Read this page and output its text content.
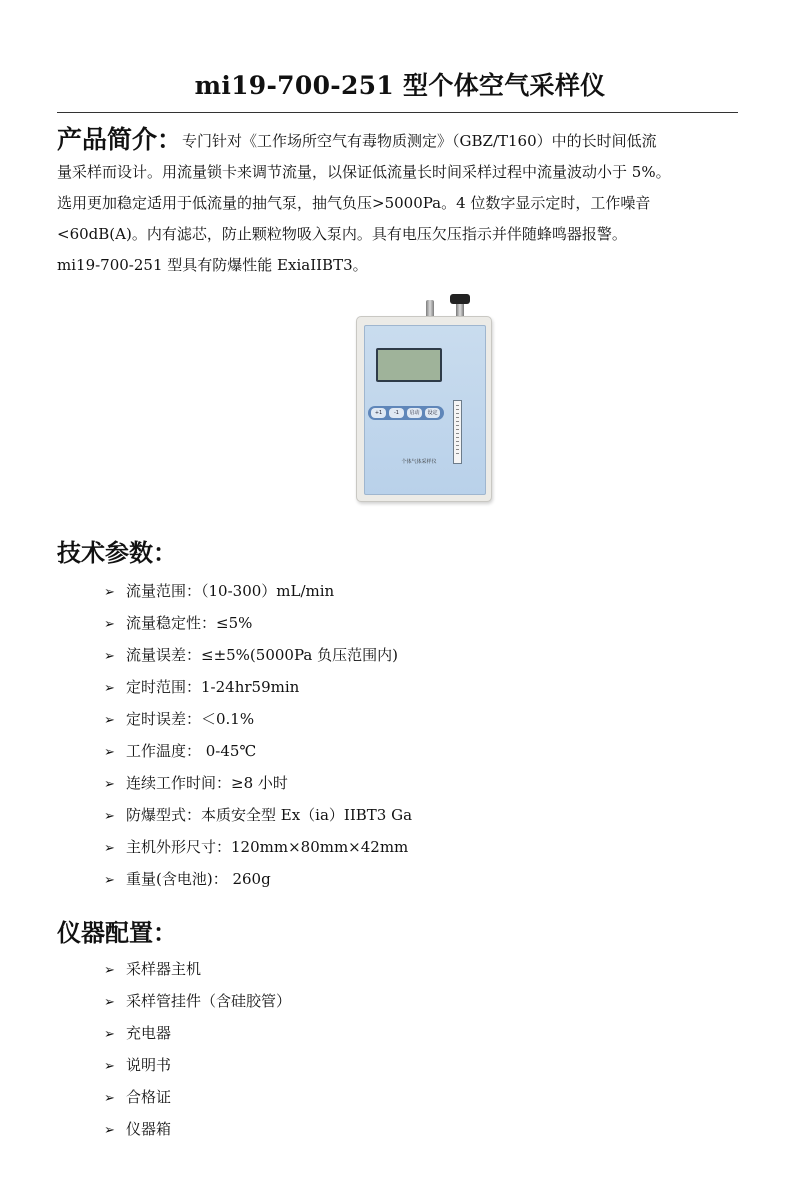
mi19-700-251 型个体空气采样仪

产品简介：专门针对《工作场所空气有毒物质测定》（GBZ/T160）中的长时间低流

量采样而设计。用流量锁卡来调节流量，以保证低流量长时间采样过程中流量波动小于 5%。

选用更加稳定适用于低流量的抽气泵，抽气负压>5000Pa。4 位数字显示定时，工作噪音

<60dB(A)。内有滤芯，防止颗粒物吸入泵内。具有电压欠压指示并伴随蜂鸣器报警。

mi19-700-251 型具有防爆性能 ExiaIIBT3。

+1	-1	启动	设定
个体气体采样仪
技术参数：
➢ 流量范围：（10-300）mL/min
➢ 流量稳定性：≤5%
➢ 流量误差：≤±5%(5000Pa 负压范围内)
➢ 定时范围：1-24hr59min
➢ 定时误差：＜0.1%
➢ 工作温度： 0-45℃
➢ 连续工作时间：≥8 小时
➢ 防爆型式：本质安全型 Ex（ia）IIBT3 Ga
➢ 主机外形尺寸：120mm×80mm×42mm
➢ 重量(含电池)： 260g
仪器配置：
➢ 采样器主机
➢ 采样管挂件（含硅胶管）
➢ 充电器
➢ 说明书
➢ 合格证
➢ 仪器箱
